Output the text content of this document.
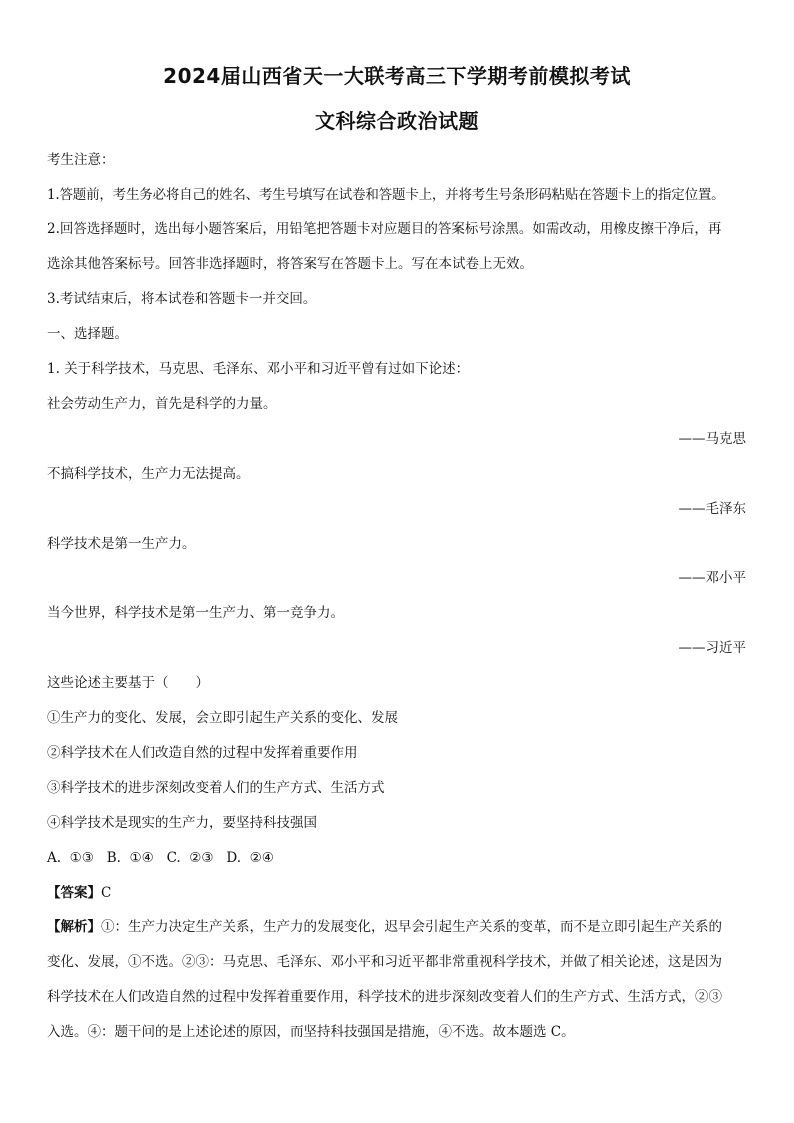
2024届山西省天一大联考高三下学期考前模拟考试
文科综合政治试题
考生注意：
1.答题前，考生务必将自己的姓名、考生号填写在试卷和答题卡上，并将考生号条形码粘贴在答题卡上的指定位置。
2.回答选择题时，选出每小题答案后，用铅笔把答题卡对应题目的答案标号涂黑。如需改动，用橡皮擦干净后，再
选涂其他答案标号。回答非选择题时，将答案写在答题卡上。写在本试卷上无效。
3.考试结束后，将本试卷和答题卡一并交回。
一、选择题。
1. 关于科学技术，马克思、毛泽东、邓小平和习近平曾有过如下论述：
社会劳动生产力，首先是科学的力量。
——马克思
不搞科学技术，生产力无法提高。
——毛泽东
科学技术是第一生产力。
——邓小平
当今世界，科学技术是第一生产力、第一竞争力。
——习近平
这些论述主要基于（　　）
①生产力的变化、发展，会立即引起生产关系的变化、发展
②科学技术在人们改造自然的过程中发挥着重要作用
③科学技术的进步深刻改变着人们的生产方式、生活方式
④科学技术是现实的生产力，要坚持科技强国
A.  ①③   B.  ①④   C.  ②③   D.  ②④
【答案】C
【解析】①：生产力决定生产关系，生产力的发展变化，迟早会引起生产关系的变革，而不是立即引起生产关系的
变化、发展，①不选。②③：马克思、毛泽东、邓小平和习近平都非常重视科学技术，并做了相关论述，这是因为
科学技术在人们改造自然的过程中发挥着重要作用，科学技术的进步深刻改变着人们的生产方式、生活方式，②③
入选。④：题干问的是上述论述的原因，而坚持科技强国是措施，④不选。故本题选 C。
